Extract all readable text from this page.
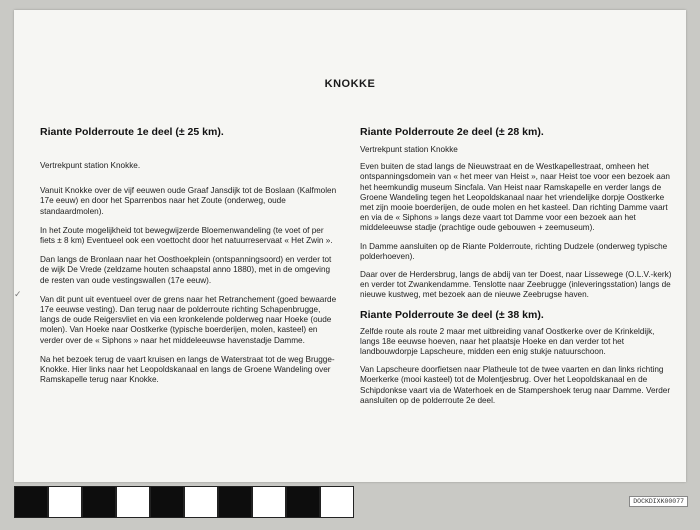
KNOKKE
Riante Polderroute 1e deel (± 25 km).

Vertrekpunt station Knokke.

Vanuit Knokke over de vijf eeuwen oude Graaf Jansdijk tot de Boslaan (Kalfmolen 17e eeuw) en door het Sparrenbos naar het Zoute (onderweg, oude standaardmolen).

In het Zoute mogelijkheid tot bewegwijzerde Bloemenwandeling (te voet of per fiets ± 8 km) Eventueel ook een voettocht door het natuurreservaat « Het Zwin ».

Dan langs de Bronlaan naar het Oosthoekplein (ontspanningsoord) en verder tot de wijk De Vrede (zeldzame houten schaapstal anno 1880), met in de omgeving de resten van oude vestingswallen (17e eeuw).

Van dit punt uit eventueel over de grens naar het Retranchement (goed bewaarde 17e eeuwse vesting). Dan terug naar de polderroute richting Schapenbrugge, langs de oude Reigersvliet en via een kronkelende polderweg naar Hoeke (oude molen). Van Hoeke naar Oostkerke (typische boerderijen, molen, kasteel) en verder over de « Siphons » naar het middeleeuwse havenstadje Damme.

Na het bezoek terug de vaart kruisen en langs de Waterstraat tot de weg Brugge-Knokke. Hier links naar het Leopoldskanaal en langs de Groene Wandeling over Ramskapelle terug naar Knokke.

Riante Polderroute 2e deel (± 28 km).

Vertrekpunt station Knokke

Even buiten de stad langs de Nieuwstraat en de Westkapellestraat, omheen het ontspanningsdomein van « het meer van Heist », naar Heist toe voor een bezoek aan het heemkundig museum Sincfala. Van Heist naar Ramskapelle en verder langs de Groene Wandeling tegen het Leopoldskanaal naar het vriendelijke dorpje Oostkerke met zijn mooie boerderijen, de oude molen en het kasteel. Dan richting Damme vaart en via de « Siphons » langs deze vaart tot Damme voor een bezoek aan het middeleeuwse stadje (prachtige oude gebouwen + zeemuseum).

In Damme aansluiten op de Riante Polderroute, richting Dudzele (onderweg typische polderhoeven).

Daar over de Herdersbrug, langs de abdij van ter Doest, naar Lissewege (O.L.V.-kerk) en verder tot Zwankendamme. Tenslotte naar Zeebrugge (inleveringsstation) langs de nieuwe kustweg, met bezoek aan de nieuwe Zeebrugse haven.

Riante Polderroute 3e deel (± 38 km).

Zelfde route als route 2 maar met uitbreiding vanaf Oostkerke over de Krinkeldijk, langs 18e eeuwse hoeven, naar het plaatsje Hoeke en dan verder tot het landbouwdorpje Lapscheure, midden een enig stukje natuurschoon.

Van Lapscheure doorfietsen naar Platheule tot de twee vaarten en dan links richting Moerkerke (mooi kasteel) tot de Molentjesbrug. Over het Leopoldskanaal en de Schipdonkse vaart via de Waterhoek en de Stampershoek terug naar Damme. Verder aansluiten op de polderroute 2e deel.

✓
DOCKDIXK00077
